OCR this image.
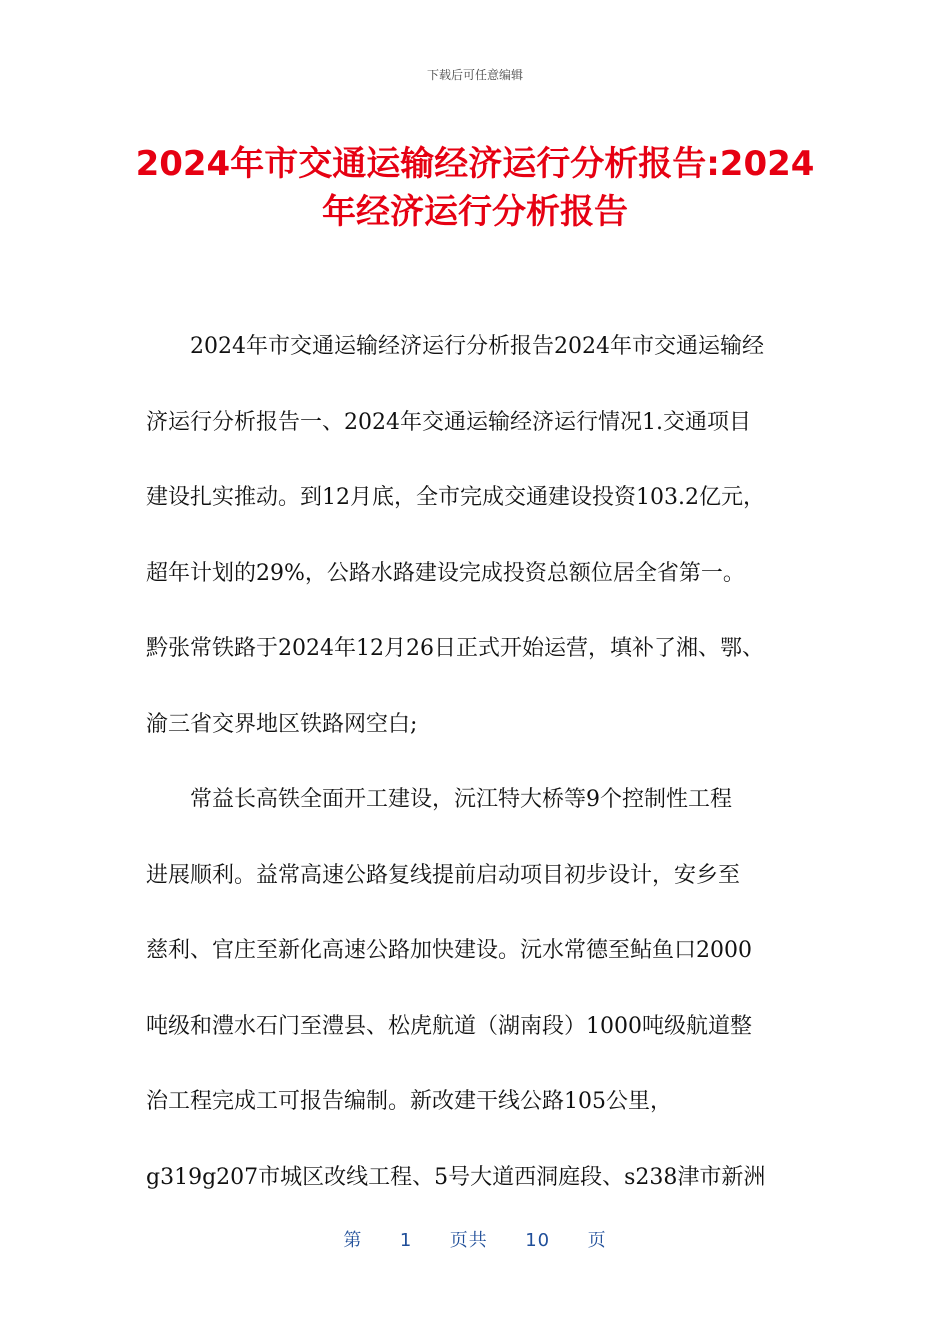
下载后可任意编辑
2024年市交通运输经济运行分析报告:2024
年经济运行分析报告
2024年市交通运输经济运行分析报告2024年市交通运输经
济运行分析报告一、2024年交通运输经济运行情况1.交通项目
建设扎实推动。到12月底，全市完成交通建设投资103.2亿元，
超年计划的29%，公路水路建设完成投资总额位居全省第一。
黔张常铁路于2024年12月26日正式开始运营，填补了湘、鄂、
渝三省交界地区铁路网空白;
常益长高铁全面开工建设，沅江特大桥等9个控制性工程
进展顺利。益常高速公路复线提前启动项目初步设计，安乡至
慈利、官庄至新化高速公路加快建设。沅水常德至鲇鱼口2000
吨级和澧水石门至澧县、松虎航道（湖南段）1000吨级航道整
治工程完成工可报告编制。新改建干线公路105公里，
g319g207市城区改线工程、5号大道西洞庭段、s238津市新洲
第 1 页共 10 页
